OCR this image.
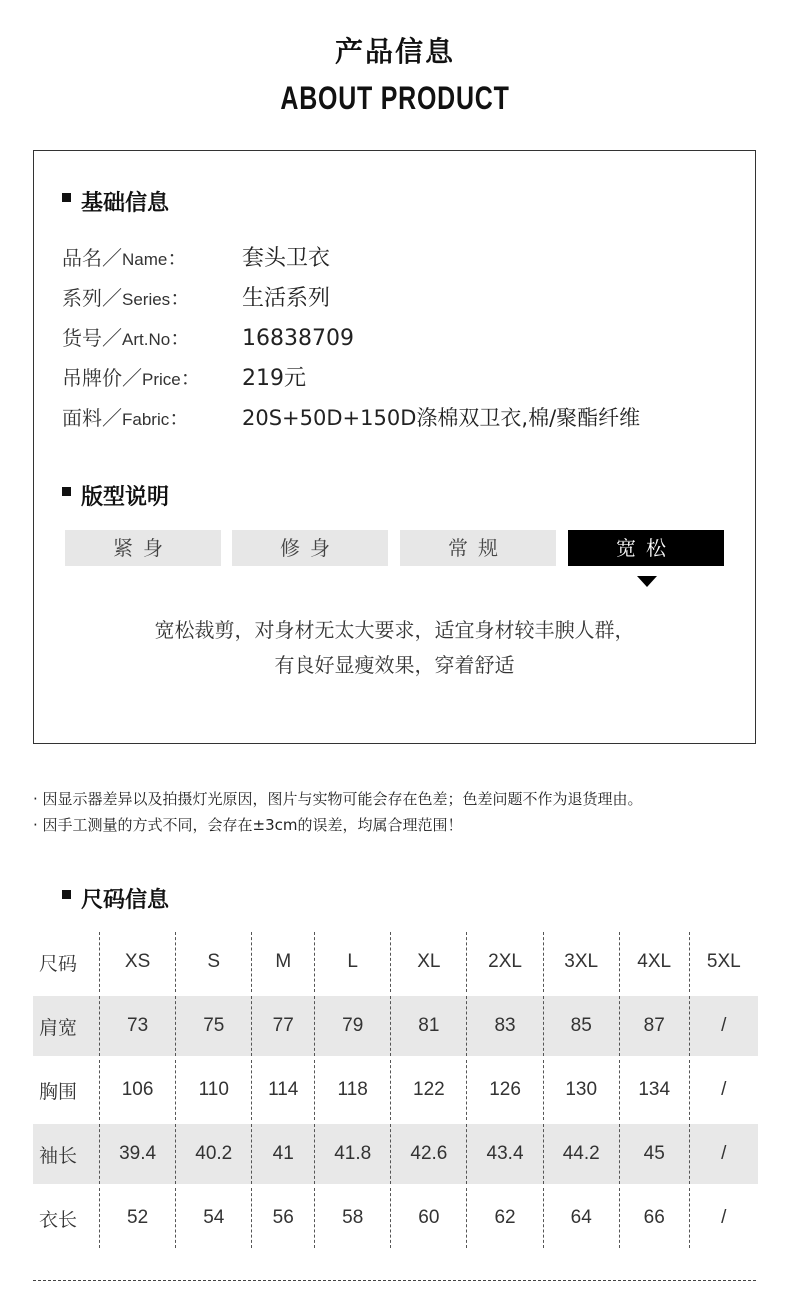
产品信息
ABOUT PRODUCT
基础信息
品名／Name： 套头卫衣
系列／Series： 生活系列
货号／Art.No： 16838709
吊牌价／Price： 219元
面料／Fabric：	20S+50D+150D涤棉双卫衣,棉/聚酯纤维
版型说明
紧身	修身	常规	宽松
宽松裁剪，对身材无太大要求，适宜身材较丰腴人群，
有良好显瘦效果，穿着舒适
· 因显示器差异以及拍摄灯光原因，图片与实物可能会存在色差；色差问题不作为退货理由。
· 因手工测量的方式不同，会存在±3cm的误差，均属合理范围！
尺码信息
尺码	XS	S	M	L	XL	2XL	3XL	4XL	5XL
肩宽	73	75	77	79	81	83	85	87	/
胸围	106	110	114	118	122	126	130	134	/
袖长	39.4	40.2	41	41.8	42.6	43.4	44.2	45	/
衣长	52	54	56	58	60	62	64	66	/
